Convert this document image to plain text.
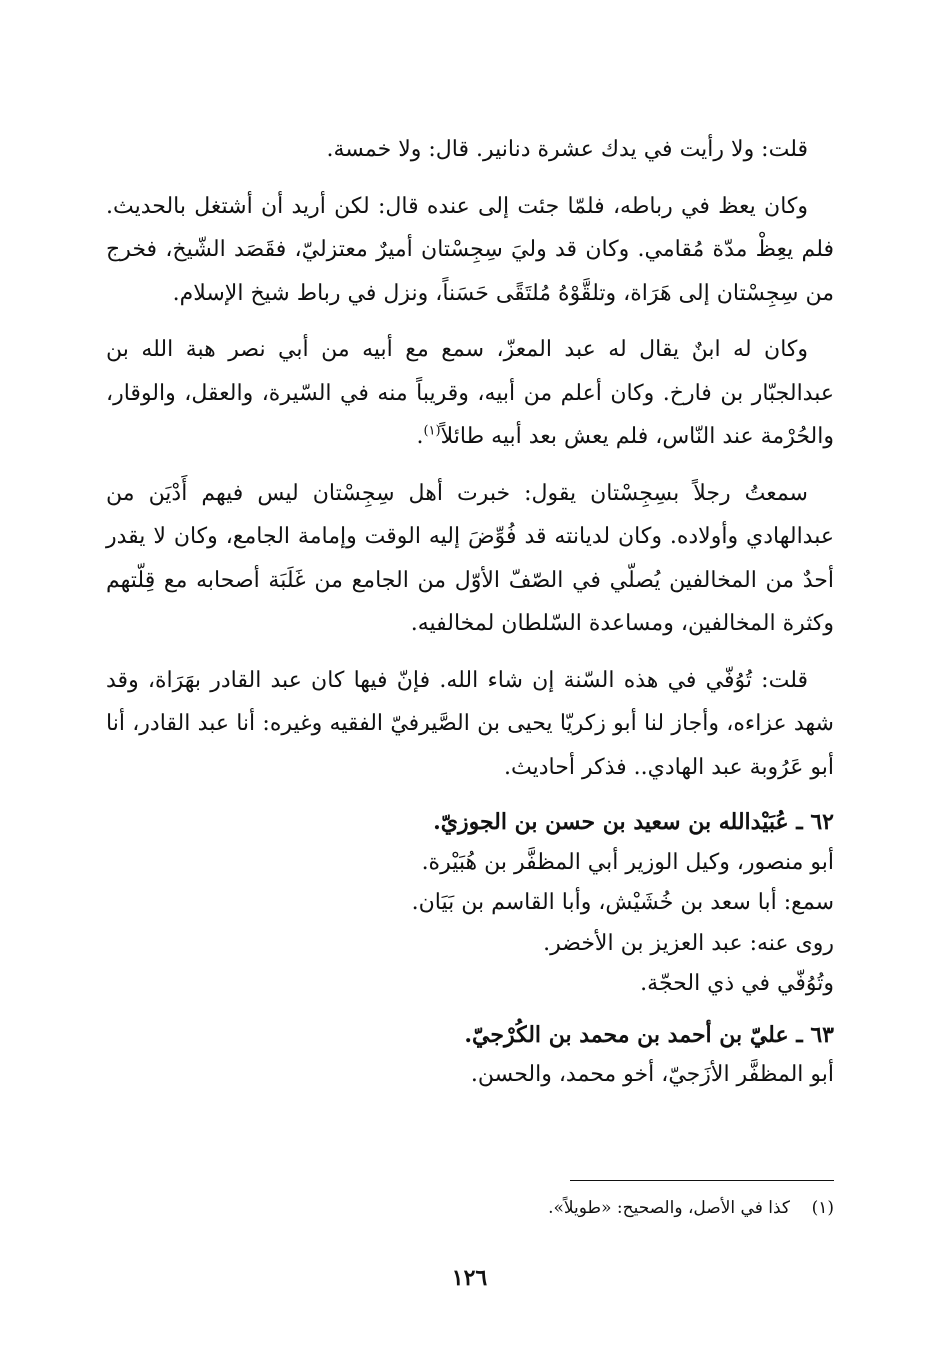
قلت: ولا رأيت في يدك عشرة دنانير. قال: ولا خمسة.

وكان يعظ في رباطه، فلمّا جئت إلى عنده قال: لكن أريد أن أشتغل بالحديث. فلم يعِظْ مدّة مُقامي. وكان قد وليَ سِجِسْتان أميرٌ معتزليّ، فقَصَد الشّيخ، فخرج من سِجِسْتان إلى هَرَاة، وتلقَّوْهُ مُلتَقًى حَسَناً، ونزل في رباط شيخ الإسلام.

وكان له ابنٌ يقال له عبد المعزّ، سمع مع أبيه من أبي نصر هبة الله بن عبدالجبّار بن فارخ. وكان أعلم من أبيه، وقريباً منه في السّيرة، والعقل، والوقار، والحُرْمة عند النّاس، فلم يعش بعد أبيه طائلاً$^{(١)}$.

سمعتُ رجلاً بسِجِسْتان يقول: خبرت أهل سِجِسْتان ليس فيهم أَدْيَن من عبدالهادي وأولاده. وكان لديانته قد فُوِّضَ إليه الوقت وإمامة الجامع، وكان لا يقدر أحدٌ من المخالفين يُصلّي في الصّفّ الأوّل من الجامع من غَلَبَة أصحابه مع قِلّتهم وكثرة المخالفين، ومساعدة السّلطان لمخالفيه.

قلت: تُوُفّي في هذه السّنة إن شاء الله. فإنّ فيها كان عبد القادر بهَرَاة، وقد شهد عزاءه، وأجاز لنا أبو زكريّا يحيى بن الصَّيرفيّ الفقيه وغيره: أنا عبد القادر، أنا أبو عَرُوبة عبد الهادي.. فذكر أحاديث.

٦٢ ـ عُبَيْدالله بن سعيد بن حسن بن الجوزيّ.
أبو منصور، وكيل الوزير أبي المظفَّر بن هُبَيْرة.
سمع: أبا سعد بن خُشَيْش، وأبا القاسم بن بَيَان.
روى عنه: عبد العزيز بن الأخضر.
وتُوُفّي في ذي الحجّة.
٦٣ ـ عليّ بن أحمد بن محمد بن الكُرْجيّ.
أبو المظفَّر الأزَجيّ، أخو محمد، والحسن.
(١)كذا في الأصل، والصحيح: «طويلاً».
١٢٦
